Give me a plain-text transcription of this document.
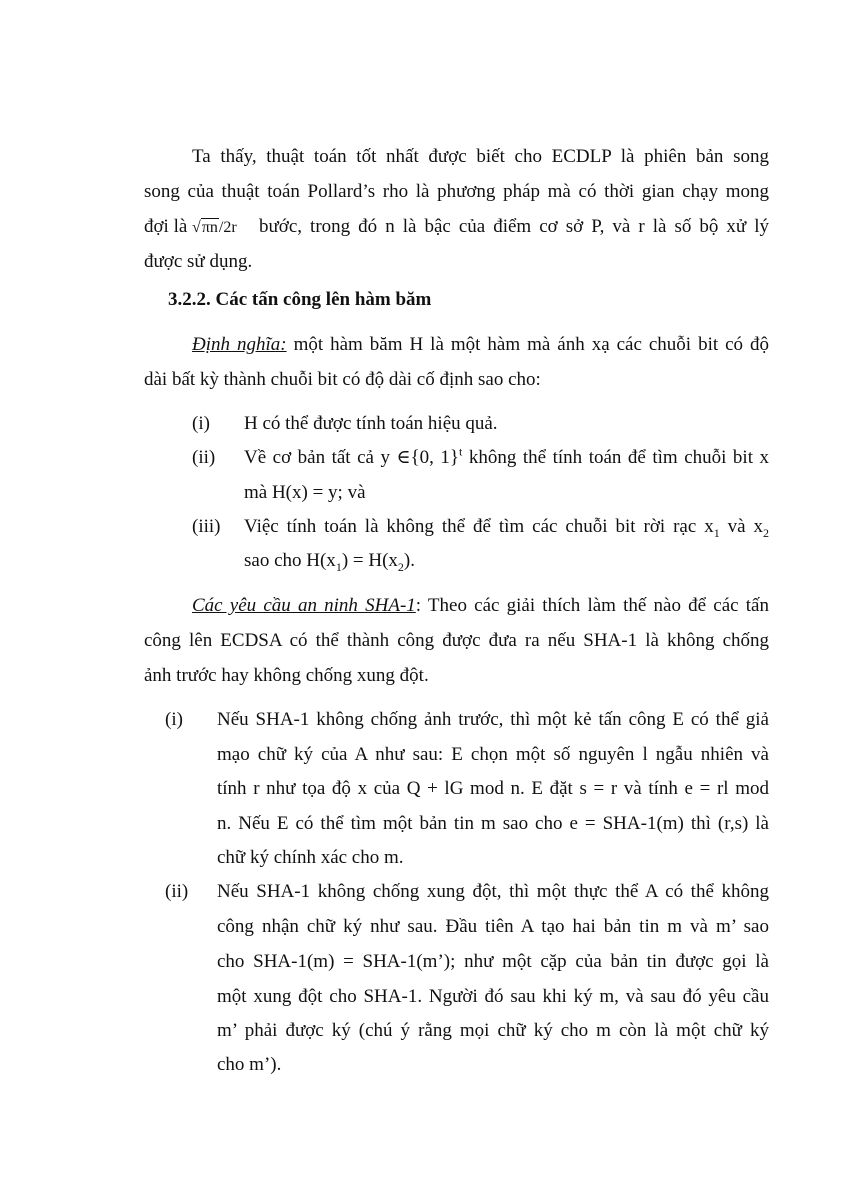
Ta thấy, thuật toán tốt nhất được biết cho ECDLP là phiên bản song
song của thuật toán Pollard’s rho là phương pháp mà có thời gian chạy mong
đợi là √πn/2r bước, trong đó n là bậc của điểm cơ sở P, và r là số bộ xử lý
được sử dụng.
3.2.2. Các tấn công lên hàm băm
Định nghĩa: một hàm băm H là một hàm mà ánh xạ các chuỗi bit có độ
dài bất kỳ thành chuỗi bit có độ dài cố định sao cho:
(i) H có thể được tính toán hiệu quả.
(ii) Về cơ bản tất cả y ∈{0, 1}$^t$ không thể tính toán để tìm chuỗi bit x
mà H(x) = y; và
(iii) Việc tính toán là không thể để tìm các chuỗi bit rời rạc $x_1$ và $x_2$
sao cho $H(x_1) = H(x_2)$.
Các yêu cầu an ninh SHA-1: Theo các giải thích làm thế nào để các tấn
công lên ECDSA có thể thành công được đưa ra nếu SHA-1 là không chống
ảnh trước hay không chống xung đột.
(i) Nếu SHA-1 không chống ảnh trước, thì một kẻ tấn công E có thể giả
mạo chữ ký của A như sau: E chọn một số nguyên l ngẫu nhiên và
tính r như tọa độ x của Q + lG mod n. E đặt s = r và tính e = rl mod
n. Nếu E có thể tìm một bản tin m sao cho e = SHA-1(m) thì (r,s) là
chữ ký chính xác cho m.
(ii) Nếu SHA-1 không chống xung đột, thì một thực thể A có thể không
công nhận chữ ký như sau. Đầu tiên A tạo hai bản tin m và m’ sao
cho SHA-1(m) = SHA-1(m’); như một cặp của bản tin được gọi là
một xung đột cho SHA-1. Người đó sau khi ký m, và sau đó yêu cầu
m’ phải được ký (chú ý rằng mọi chữ ký cho m còn là một chữ ký
cho m’).
